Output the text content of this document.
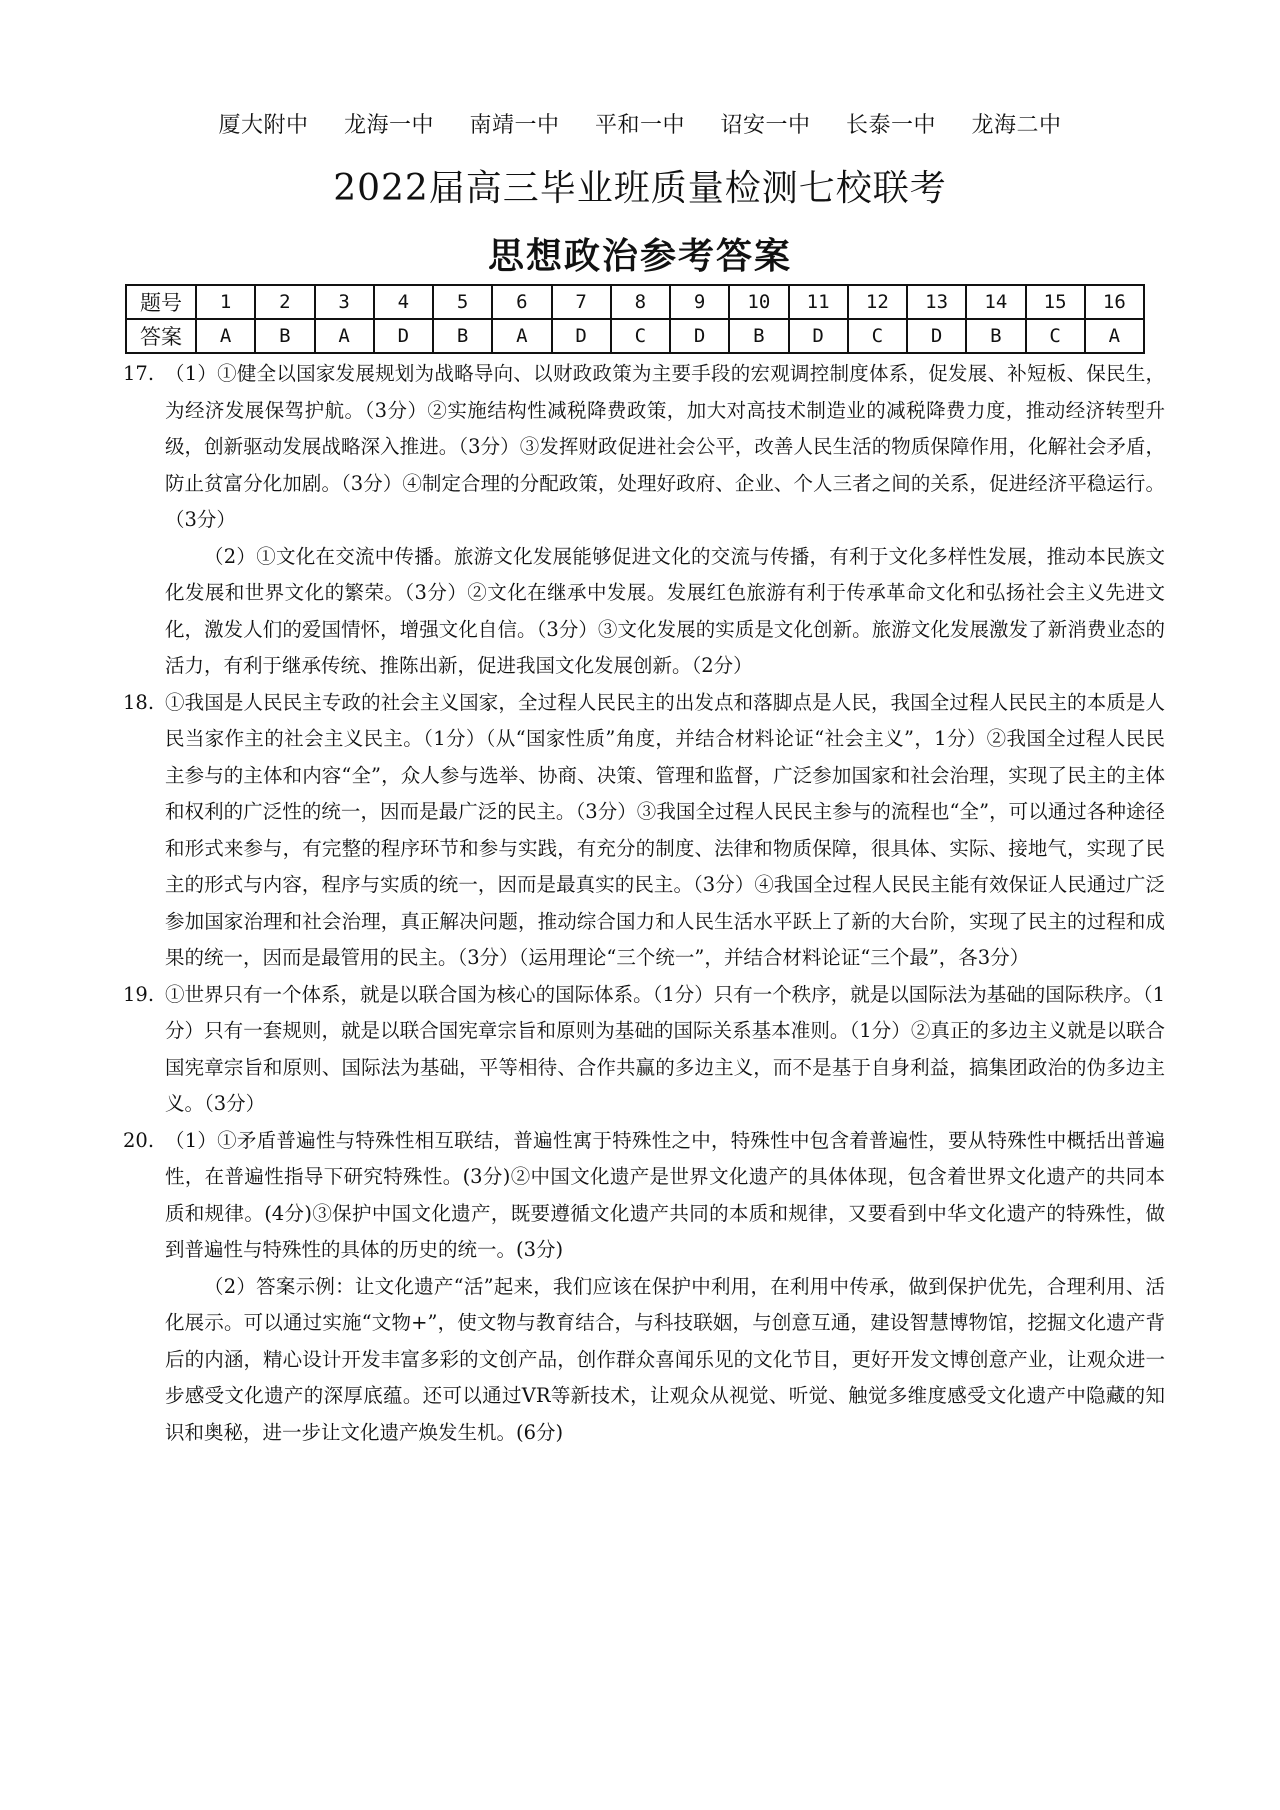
厦大附中 龙海一中 南靖一中 平和一中 诏安一中 长泰一中 龙海二中
2022届高三毕业班质量检测七校联考
思想政治参考答案
题号	1	2	3	4	5	6	7	8	9	10	11	12	13	14	15	16
答案	A	B	A	D	B	A	D	C	D	B	D	C	D	B	C	A
17. （1）①健全以国家发展规划为战略导向、以财政政策为主要手段的宏观调控制度体系，促发展、补短板、保民生，为经济发展保驾护航。（3分）②实施结构性减税降费政策，加大对高技术制造业的减税降费力度，推动经济转型升级，创新驱动发展战略深入推进。（3分）③发挥财政促进社会公平，改善人民生活的物质保障作用，化解社会矛盾，防止贫富分化加剧。（3分）④制定合理的分配政策，处理好政府、企业、个人三者之间的关系，促进经济平稳运行。（3分）
（2）①文化在交流中传播。旅游文化发展能够促进文化的交流与传播，有利于文化多样性发展，推动本民族文化发展和世界文化的繁荣。（3分）②文化在继承中发展。发展红色旅游有利于传承革命文化和弘扬社会主义先进文化，激发人们的爱国情怀，增强文化自信。（3分）③文化发展的实质是文化创新。旅游文化发展激发了新消费业态的活力，有利于继承传统、推陈出新，促进我国文化发展创新。（2分）
18. ①我国是人民民主专政的社会主义国家，全过程人民民主的出发点和落脚点是人民，我国全过程人民民主的本质是人民当家作主的社会主义民主。（1分）（从“国家性质”角度，并结合材料论证“社会主义”，1分）②我国全过程人民民主参与的主体和内容“全”，众人参与选举、协商、决策、管理和监督，广泛参加国家和社会治理，实现了民主的主体和权利的广泛性的统一，因而是最广泛的民主。（3分）③我国全过程人民民主参与的流程也“全”，可以通过各种途径和形式来参与，有完整的程序环节和参与实践，有充分的制度、法律和物质保障，很具体、实际、接地气，实现了民主的形式与内容，程序与实质的统一，因而是最真实的民主。（3分）④我国全过程人民民主能有效保证人民通过广泛参加国家治理和社会治理，真正解决问题，推动综合国力和人民生活水平跃上了新的大台阶，实现了民主的过程和成果的统一，因而是最管用的民主。（3分）（运用理论“三个统一”，并结合材料论证“三个最”，各3分）
19. ①世界只有一个体系，就是以联合国为核心的国际体系。（1分）只有一个秩序，就是以国际法为基础的国际秩序。（1分）只有一套规则，就是以联合国宪章宗旨和原则为基础的国际关系基本准则。（1分）②真正的多边主义就是以联合国宪章宗旨和原则、国际法为基础，平等相待、合作共赢的多边主义，而不是基于自身利益，搞集团政治的伪多边主义。（3分）
20. （1）①矛盾普遍性与特殊性相互联结，普遍性寓于特殊性之中，特殊性中包含着普遍性，要从特殊性中概括出普遍性，在普遍性指导下研究特殊性。(3分)②中国文化遗产是世界文化遗产的具体体现，包含着世界文化遗产的共同本质和规律。(4分)③保护中国文化遗产，既要遵循文化遗产共同的本质和规律，又要看到中华文化遗产的特殊性，做到普遍性与特殊性的具体的历史的统一。(3分)
（2）答案示例：让文化遗产“活”起来，我们应该在保护中利用，在利用中传承，做到保护优先，合理利用、活化展示。可以通过实施“文物+”，使文物与教育结合，与科技联姻，与创意互通，建设智慧博物馆，挖掘文化遗产背后的内涵，精心设计开发丰富多彩的文创产品，创作群众喜闻乐见的文化节目，更好开发文博创意产业，让观众进一步感受文化遗产的深厚底蕴。还可以通过VR等新技术，让观众从视觉、听觉、触觉多维度感受文化遗产中隐藏的知识和奥秘，进一步让文化遗产焕发生机。(6分)
